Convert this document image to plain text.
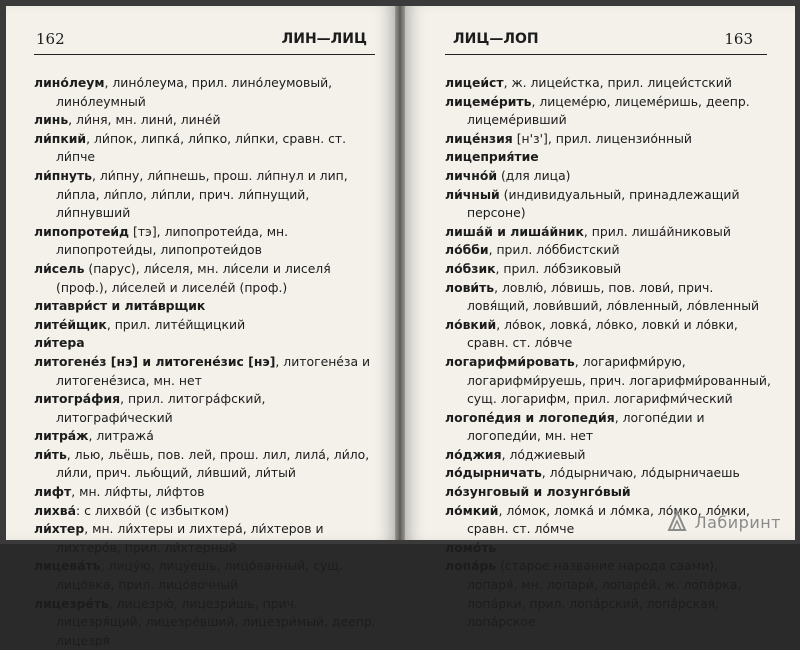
162	ЛИН—ЛИЦ

лино́леум, лино́леума, прил. лино́леумовый, лино́леумный

линь, ли́ня, мн. лини́, линéй

ли́пкий, ли́пок, липка́, ли́пко, ли́пки, сравн. ст. ли́пче

ли́пнуть, ли́пну, ли́пнешь, прош. ли́пнул и лип, ли́пла, ли́пло, ли́пли, прич. ли́пнущий, ли́пнувший

липопротеи́д [тэ], липопротеи́да, мн. липопротеи́ды, липопротеи́дов

ли́сель (парус), ли́селя, мн. ли́сели и лиселя́ (проф.), ли́селей и лиселéй (проф.)

литаври́ст и лита́врщик

литéйщик, прил. литéйщицкий

ли́тера

литогенéз [нэ] и литогенéзис [нэ], литогенéза и литогенéзиса, мн. нет

литогра́фия, прил. литогра́фский, литографи́ческий

литра́ж, литража́

ли́ть, лью, льёшь, пов. лей, прош. лил, лила́, ли́ло, ли́ли, прич. лью́щий, ли́вший, ли́тый

лифт, мн. ли́фты, ли́фтов

лихва́: с лихво́й (с избытком)

ли́хтер, мн. ли́хтеры и лихтера́, ли́хтеров и лихтеро́в, прил. ли́хтерный

лицева́ть, лицу́ю, лицу́ешь, лицо́ванный, сущ. лицо́вка, прил. лицо́вочный

лицезре́ть, лицезрю́, лицезри́шь, прич. лицезря́щий, лицезре́вший, лицезри́мый, деепр. лицезря́

ЛИЦ—ЛОП	163

лицеи́ст, ж. лицеи́стка, прил. лицеи́стский

лицемéрить, лицемéрю, лицемéришь, деепр. лицемéривший

лицéнзия [н'з'], прил. лицензио́нный

лицеприя́тие

лично́й (для лица)

ли́чный (индивидуальный, принадлежащий персоне)

лиша́й и лиша́йник, прил. лиша́йниковый

ло́бби, прил. ло́ббистский

ло́бзик, прил. ло́бзиковый

лови́ть, ловлю́, ло́вишь, пов. лови́, прич. ловя́щий, лови́вший, ло́вленный, ло́вленный

ло́вкий, ло́вок, ловка́, ло́вко, ловки́ и ло́вки, сравн. ст. ло́вче

логарифми́ровать, логарифми́рую, логарифми́руешь, прич. логарифми́рованный, сущ. логарифм, прил. логарифми́ческий

логопéдия и логопеди́я, логопéдии и логопеди́и, мн. нет

ло́джия, ло́джиевый

ло́дырничать, ло́дырничаю, ло́дырничаешь

ло́зунговый и лозунго́вый

ло́мкий, ло́мок, ломка́ и ло́мка, ло́мко, ло́мки, сравн. ст. ло́мче

ломо́ть

лопа́рь (старое название народа саами), лопаря́, мн. лопари́, лопарéй, ж. лопа́рка, лопа́рки, прил. лопа́рский, лопа́рская, лопа́рское

Лабиринт
